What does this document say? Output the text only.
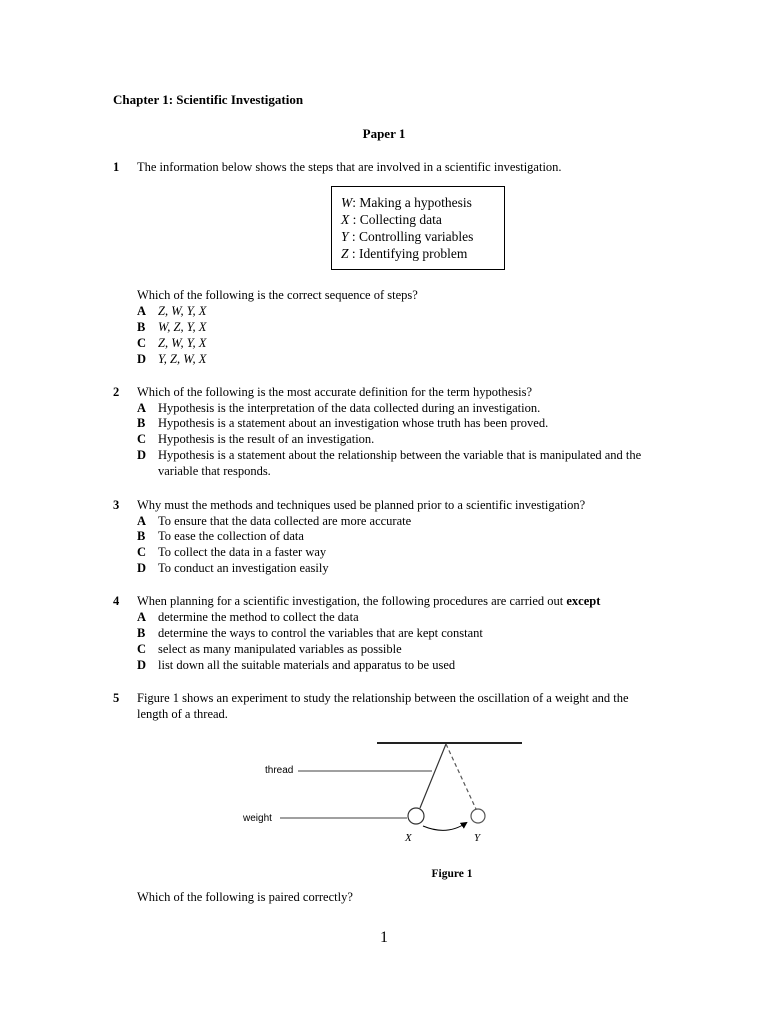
Chapter 1: Scientific Investigation
Paper 1
1 The information below shows the steps that are involved in a scientific investigation.
W: Making a hypothesis
X : Collecting data
Y : Controlling variables
Z : Identifying problem
Which of the following is the correct sequence of steps?
A Z, W, Y, X
B W, Z, Y, X
C Z, W, Y, X
D Y, Z, W, X
2 Which of the following is the most accurate definition for the term hypothesis?
A Hypothesis is the interpretation of the data collected during an investigation.
B Hypothesis is a statement about an investigation whose truth has been proved.
C Hypothesis is the result of an investigation.
D Hypothesis is a statement about the relationship between the variable that is manipulated and the variable that responds.
3 Why must the methods and techniques used be planned prior to a scientific investigation?
A To ensure that the data collected are more accurate
B To ease the collection of data
C To collect the data in a faster way
D To conduct an investigation easily
4 When planning for a scientific investigation, the following procedures are carried out except
A determine the method to collect the data
B determine the ways to control the variables that are kept constant
C select as many manipulated variables as possible
D list down all the suitable materials and apparatus to be used
5 Figure 1 shows an experiment to study the relationship between the oscillation of a weight and the length of a thread.
thread
weight
X	Y
Figure 1
Which of the following is paired correctly?
1
